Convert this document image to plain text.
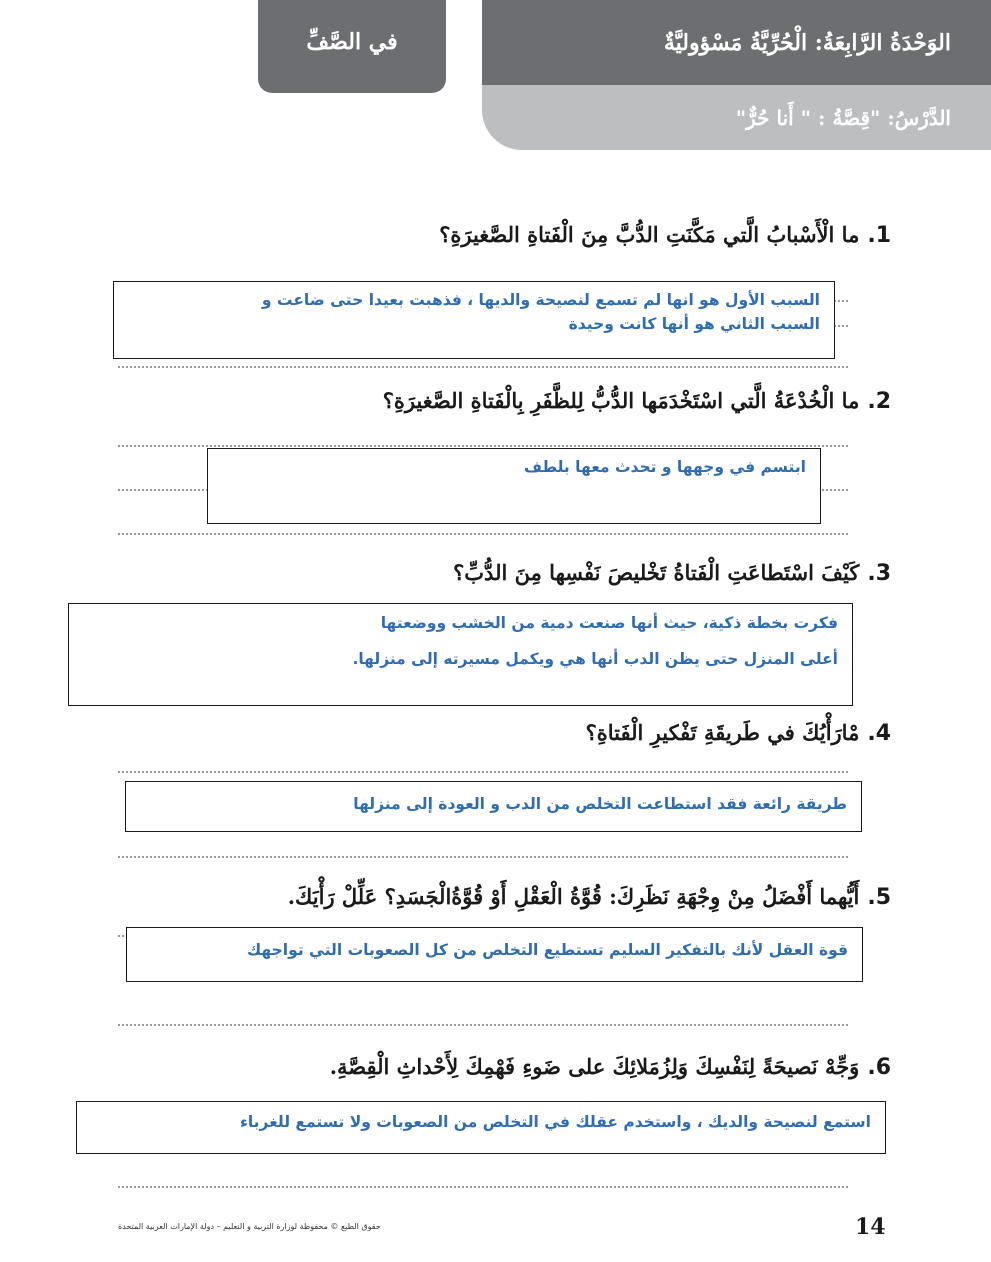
في الصَّفِّ	الوَحْدَةُ الرَّابِعَةُ: الْحُرِّيَّةُ مَسْؤوليَّةٌ
الدَّرْسُ: "قِصَّةُ : " أَنا حُرٌّ"
1.
ما الْأَسْبابُ الَّتي مَكَّنَتِ الدُّبَّ مِنَ الْفَتاةِ الصَّغيرَةِ؟
السبب الأول هو انها لم تسمع لنصيحة والديها ، فذهبت بعيدا حتى ضاعت و
السبب الثاني هو أنها كانت وحيدة
2.
ما الْخُدْعَةُ الَّتي اسْتَخْدَمَها الدُّبُّ لِلظَّفَرِ بِالْفَتاةِ الصَّغيرَةِ؟
ابتسم في وجهها و تحدث معها بلطف
3.
كَيْفَ اسْتَطاعَتِ الْفَتاةُ تَخْليصَ نَفْسِها مِنَ الدُّبِّ؟
فكرت بخطة ذكية، حيث أنها صنعت دمية من الخشب ووضعتها
أعلى المنزل حتى يظن الدب أنها هي ويكمل مسيرته إلى منزلها.
4.
مْارَأْيُكَ في طَريقَةِ تَفْكيرِ الْفَتاةِ؟
طريقة رائعة فقد استطاعت التخلص من الدب و العودة إلى منزلها
5.
أَيُّهما أَفْضَلُ مِنْ وِجْهَةِ نَظَرِكَ: قُوَّةُ الْعَقْلِ أَوْ قُوَّةُالْجَسَدِ؟ عَلِّلْ رَأْيَكَ.
قوة العقل لأنك بالتفكير السليم تستطيع التخلص من كل الصعوبات التي تواجهك
6.
وَجِّهْ نَصيحَةً لِنَفْسِكَ وَلِزُمَلائِكَ على ضَوءِ فَهْمِكَ لِأَحْداثِ الْقِصَّةِ.
استمع لنصيحة والديك ، واستخدم عقلك في التخلص من الصعوبات ولا تستمع للغرباء
حقوق الطبع © محفوظة لوزارة التربية و التعليم – دولة الإمارات العربية المتحدة	14
